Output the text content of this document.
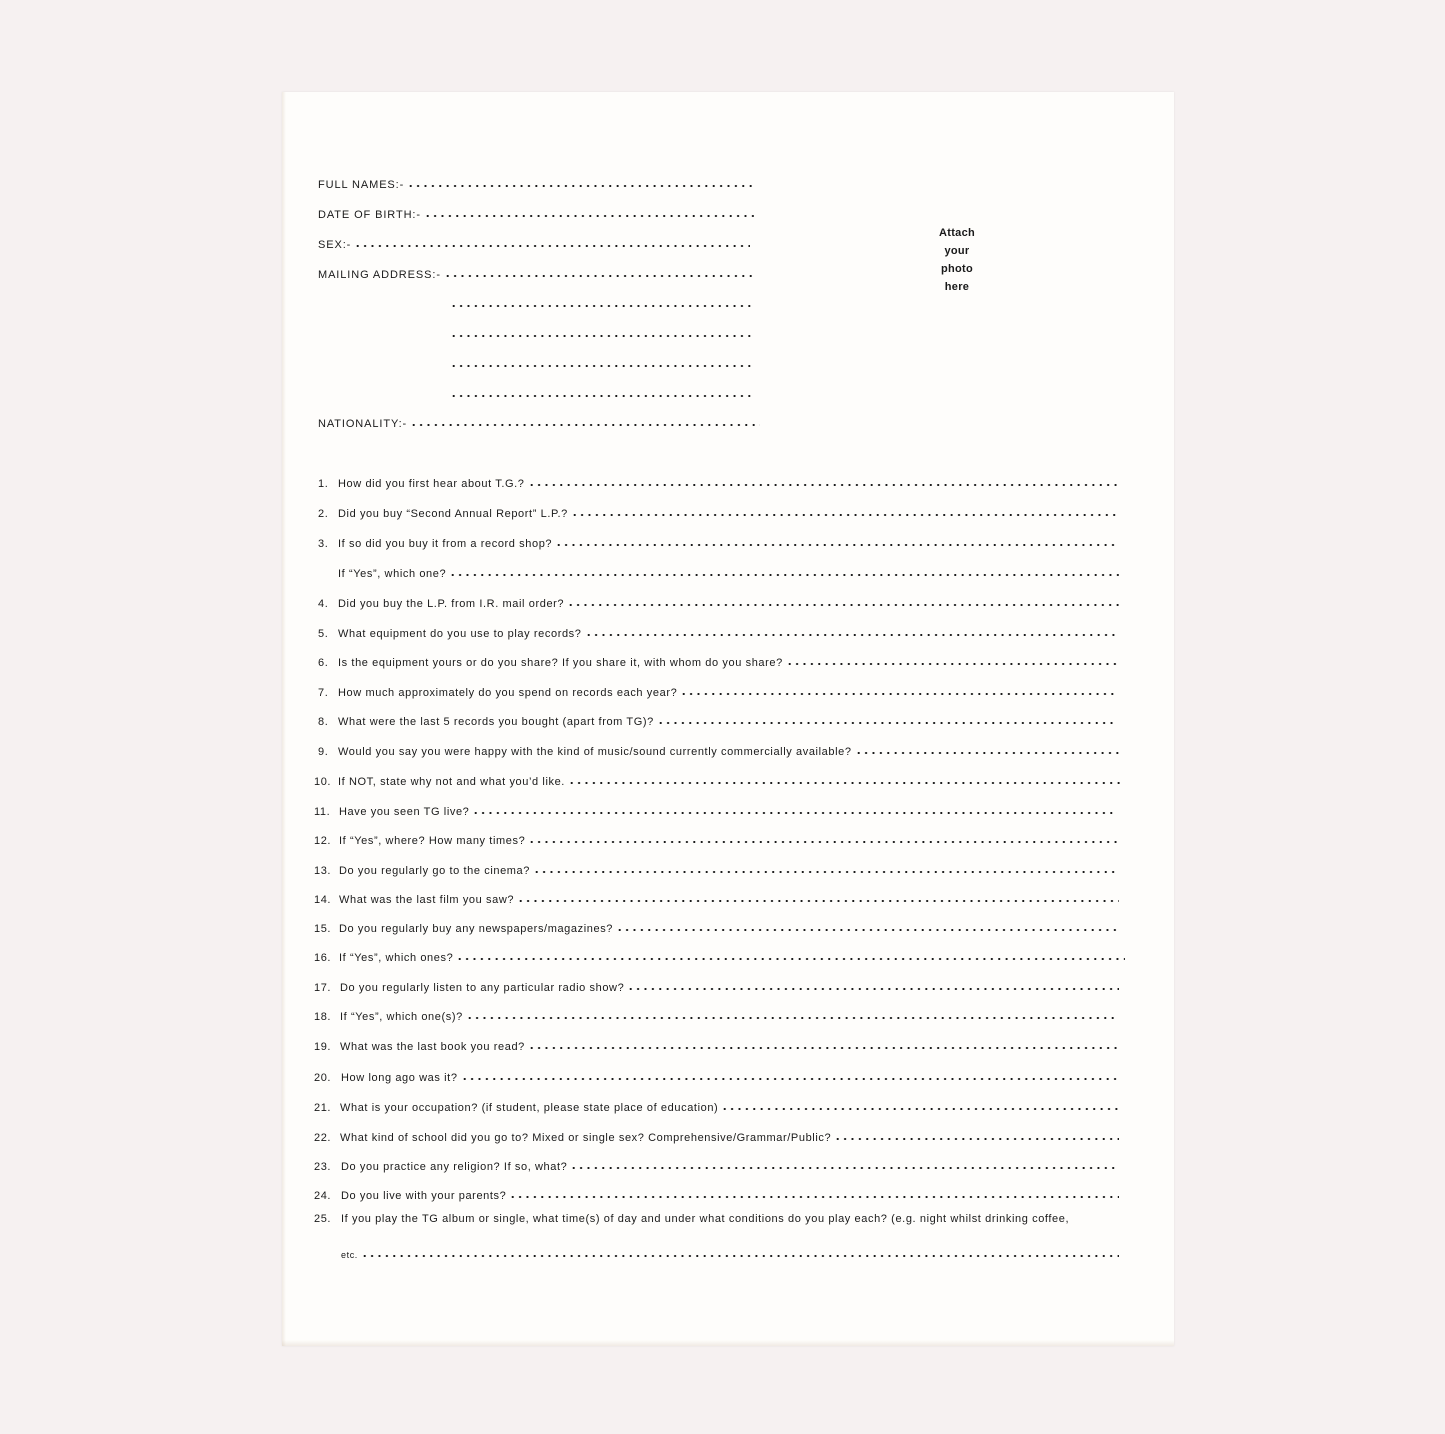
FULL NAMES:-
DATE OF BIRTH:-
SEX:-
MAILING ADDRESS:-
NATIONALITY:-
Attach
your
photo
here
1. How did you first hear about T.G.?
2. Did you buy “Second Annual Report” L.P.?
3. If so did you buy it from a record shop?
If “Yes”, which one?
4. Did you buy the L.P. from I.R. mail order?
5. What equipment do you use to play records?
6. Is the equipment yours or do you share? If you share it, with whom do you share?
7. How much approximately do you spend on records each year?
8. What were the last 5 records you bought (apart from TG)?
9. Would you say you were happy with the kind of music/sound currently commercially available?
10. If NOT, state why not and what you’d like.
11. Have you seen TG live?
12. If “Yes”, where? How many times?
13. Do you regularly go to the cinema?
14. What was the last film you saw?
15. Do you regularly buy any newspapers/magazines?
16. If “Yes”, which ones?
17. Do you regularly listen to any particular radio show?
18. If “Yes”, which one(s)?
19. What was the last book you read?
20. How long ago was it?
21. What is your occupation? (if student, please state place of education)
22. What kind of school did you go to? Mixed or single sex? Comprehensive/Grammar/Public?
23. Do you practice any religion? If so, what?
24. Do you live with your parents?
25. If you play the TG album or single, what time(s) of day and under what conditions do you play each? (e.g. night whilst drinking coffee,
etc.
